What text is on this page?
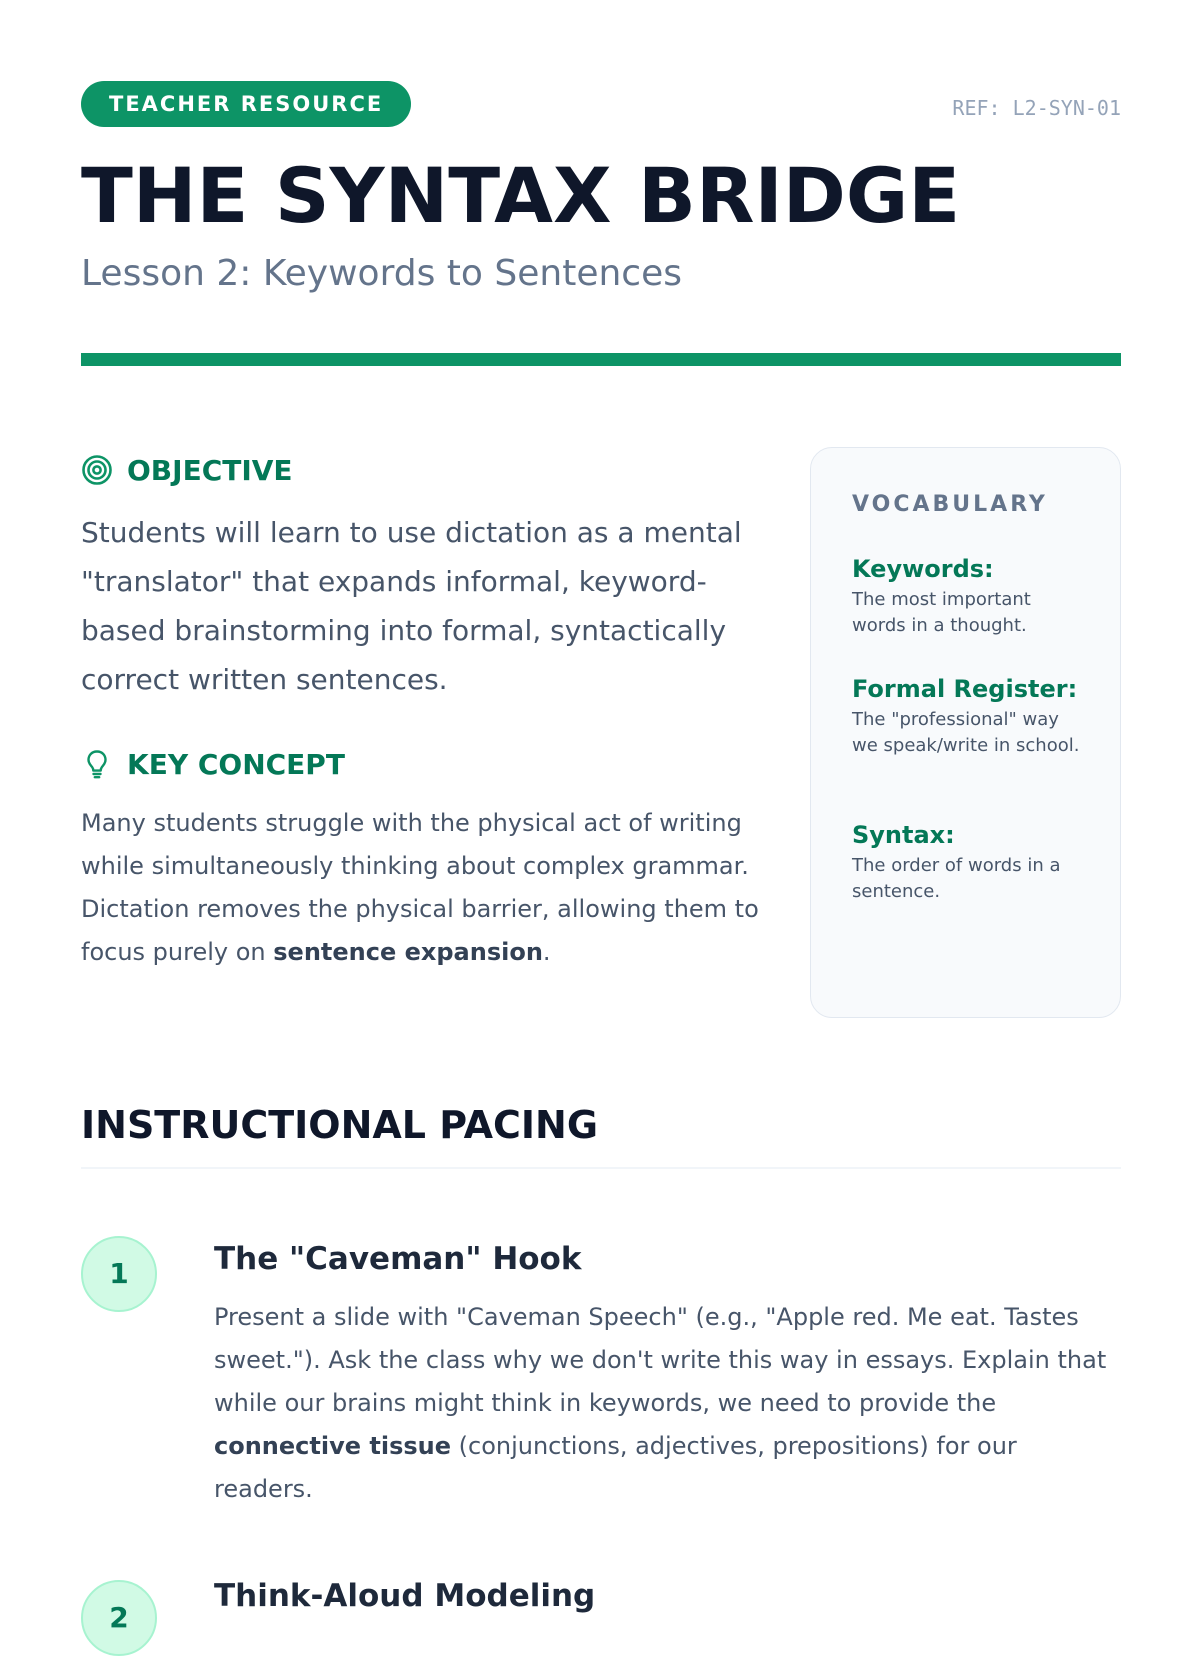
TEACHER RESOURCE	REF: L2-SYN-01
THE SYNTAX BRIDGE
Lesson 2: Keywords to Sentences
OBJECTIVE

Students will learn to use dictation as a mental "translator" that expands informal, keyword-based brainstorming into formal, syntactically correct written sentences.

KEY CONCEPT

Many students struggle with the physical act of writing while simultaneously thinking about complex grammar. Dictation removes the physical barrier, allowing them to focus purely on sentence expansion.

VOCABULARY
Keywords:
The most important words in a thought.
Formal Register:
The "professional" way we speak/write in school.
Syntax:
The order of words in a sentence.
INSTRUCTIONAL PACING
1	The "Caveman" Hook

Present a slide with "Caveman Speech" (e.g., "Apple red. Me eat. Tastes sweet."). Ask the class why we don't write this way in essays. Explain that while our brains might think in keywords, we need to provide the connective tissue (conjunctions, adjectives, prepositions) for our readers.

2
Think-Aloud Modeling
